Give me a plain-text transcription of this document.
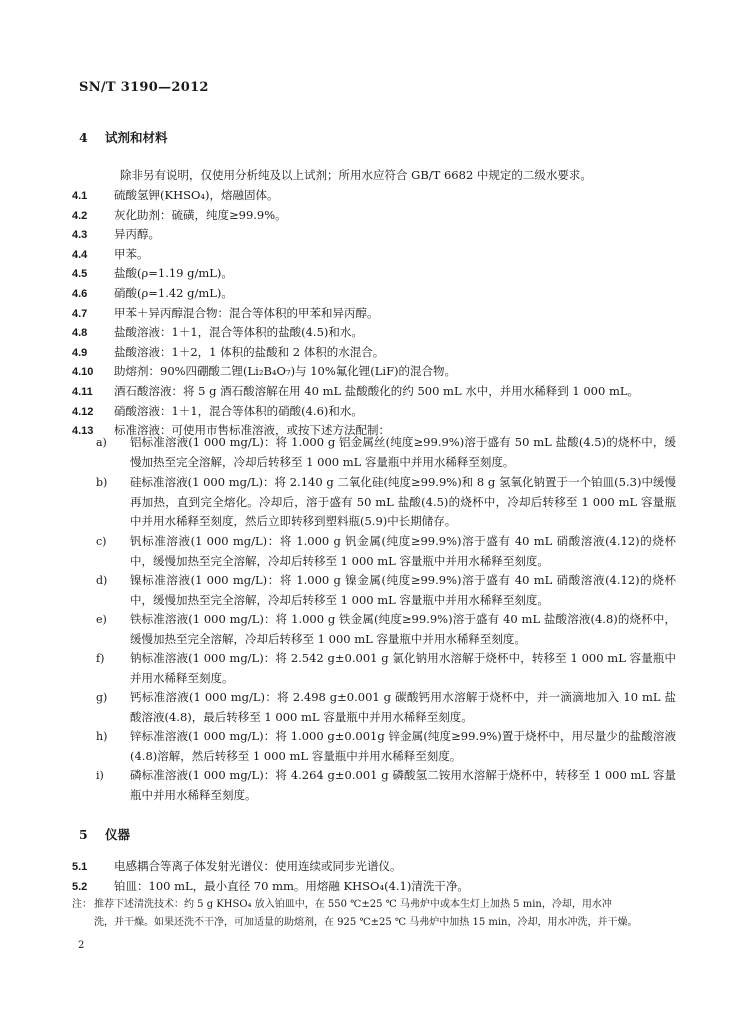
SN/T 3190—2012
4 试剂和材料
除非另有说明，仅使用分析纯及以上试剂；所用水应符合 GB/T 6682 中规定的二级水要求。
4.1 硫酸氢钾(KHSO₄)，熔融固体。
4.2 灰化助剂：硫磺，纯度≥99.9%。
4.3 异丙醇。
4.4 甲苯。
4.5 盐酸(ρ=1.19 g/mL)。
4.6 硝酸(ρ=1.42 g/mL)。
4.7 甲苯＋异丙醇混合物：混合等体积的甲苯和异丙醇。
4.8 盐酸溶液：1＋1，混合等体积的盐酸(4.5)和水。
4.9 盐酸溶液：1＋2，1 体积的盐酸和 2 体积的水混合。
4.10 助熔剂：90%四硼酸二锂(Li₂B₄O₇)与 10%氟化锂(LiF)的混合物。
4.11 酒石酸溶液：将 5 g 酒石酸溶解在用 40 mL 盐酸酸化的约 500 mL 水中，并用水稀释到 1 000 mL。
4.12 硝酸溶液：1＋1，混合等体积的硝酸(4.6)和水。
4.13 标准溶液：可使用市售标准溶液，或按下述方法配制：
a)	铝标准溶液(1 000 mg/L)：将 1.000 g 铝金属丝(纯度≥99.9%)溶于盛有 50 mL 盐酸(4.5)的烧杯中，缓慢加热至完全溶解，冷却后转移至 1 000 mL 容量瓶中并用水稀释至刻度。
b)	硅标准溶液(1 000 mg/L)：将 2.140 g 二氧化硅(纯度≥99.9%)和 8 g 氢氧化钠置于一个铂皿(5.3)中缓慢再加热，直到完全熔化。冷却后，溶于盛有 50 mL 盐酸(4.5)的烧杯中，冷却后转移至 1 000 mL 容量瓶中并用水稀释至刻度，然后立即转移到塑料瓶(5.9)中长期储存。
c)	钒标准溶液(1 000 mg/L)：将 1.000 g 钒金属(纯度≥99.9%)溶于盛有 40 mL 硝酸溶液(4.12)的烧杯中，缓慢加热至完全溶解，冷却后转移至 1 000 mL 容量瓶中并用水稀释至刻度。
d)	镍标准溶液(1 000 mg/L)：将 1.000 g 镍金属(纯度≥99.9%)溶于盛有 40 mL 硝酸溶液(4.12)的烧杯中，缓慢加热至完全溶解，冷却后转移至 1 000 mL 容量瓶中并用水稀释至刻度。
e)	铁标准溶液(1 000 mg/L)：将 1.000 g 铁金属(纯度≥99.9%)溶于盛有 40 mL 盐酸溶液(4.8)的烧杯中，缓慢加热至完全溶解，冷却后转移至 1 000 mL 容量瓶中并用水稀释至刻度。
f)	钠标准溶液(1 000 mg/L)：将 2.542 g±0.001 g 氯化钠用水溶解于烧杯中，转移至 1 000 mL 容量瓶中并用水稀释至刻度。
g)	钙标准溶液(1 000 mg/L)：将 2.498 g±0.001 g 碳酸钙用水溶解于烧杯中，并一滴滴地加入 10 mL 盐酸溶液(4.8)，最后转移至 1 000 mL 容量瓶中并用水稀释至刻度。
h)	锌标准溶液(1 000 mg/L)：将 1.000 g±0.001g 锌金属(纯度≥99.9%)置于烧杯中，用尽量少的盐酸溶液(4.8)溶解，然后转移至 1 000 mL 容量瓶中并用水稀释至刻度。
i)	磷标准溶液(1 000 mg/L)：将 4.264 g±0.001 g 磷酸氢二铵用水溶解于烧杯中，转移至 1 000 mL 容量瓶中并用水稀释至刻度。
5 仪器
5.1 电感耦合等离子体发射光谱仪：使用连续或同步光谱仪。
5.2 铂皿：100 mL，最小直径 70 mm。用熔融 KHSO₄(4.1)清洗干净。
注： 推荐下述清洗技术：约 5 g KHSO₄ 放入铂皿中，在 550 ℃±25 ℃ 马弗炉中或本生灯上加热 5 min，冷却，用水冲
洗，并干燥。如果还洗不干净，可加适量的助熔剂，在 925 ℃±25 ℃ 马弗炉中加热 15 min，冷却，用水冲洗，并干燥。
2
